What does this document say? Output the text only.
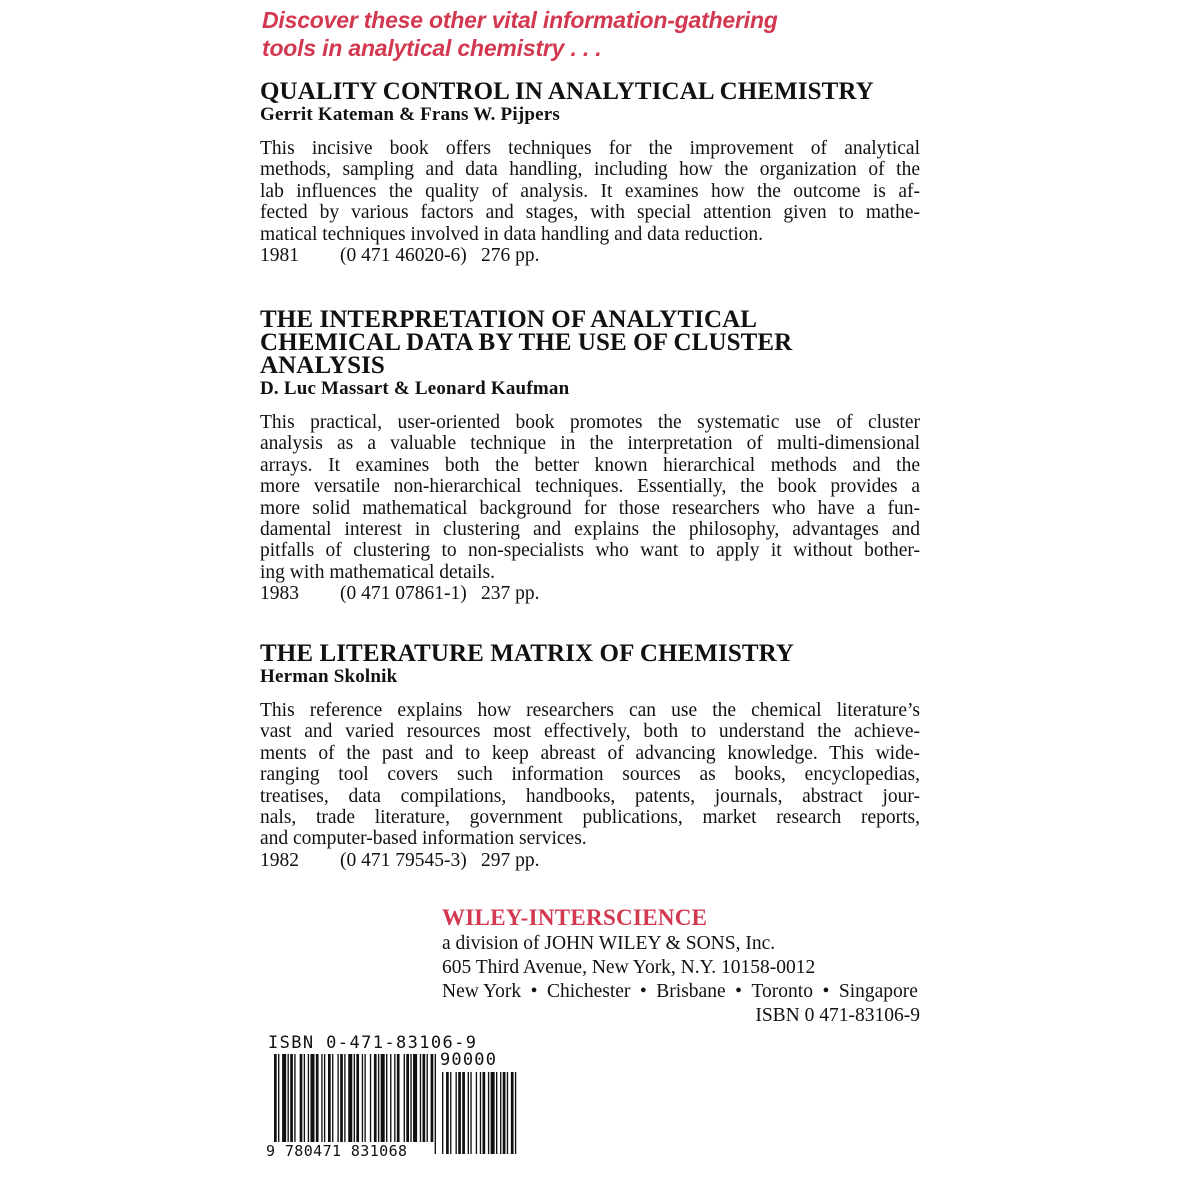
Discover these other vital information-gathering
tools in analytical chemistry . . .
QUALITY CONTROL IN ANALYTICAL CHEMISTRY
Gerrit Kateman & Frans W. Pijpers
This incisive book offers techniques for the improvement of analytical
methods, sampling and data handling, including how the organization of the
lab influences the quality of analysis. It examines how the outcome is af-
fected by various factors and stages, with special attention given to mathe-
matical techniques involved in data handling and data reduction.
1981 (0 471 46020-6) 276 pp.
THE INTERPRETATION OF ANALYTICAL
CHEMICAL DATA BY THE USE OF CLUSTER
ANALYSIS
D. Luc Massart & Leonard Kaufman
This practical, user-oriented book promotes the systematic use of cluster
analysis as a valuable technique in the interpretation of multi-dimensional
arrays. It examines both the better known hierarchical methods and the
more versatile non-hierarchical techniques. Essentially, the book provides a
more solid mathematical background for those researchers who have a fun-
damental interest in clustering and explains the philosophy, advantages and
pitfalls of clustering to non-specialists who want to apply it without bother-
ing with mathematical details.
1983 (0 471 07861-1) 237 pp.
THE LITERATURE MATRIX OF CHEMISTRY
Herman Skolnik
This reference explains how researchers can use the chemical literature’s
vast and varied resources most effectively, both to understand the achieve-
ments of the past and to keep abreast of advancing knowledge. This wide-
ranging tool covers such information sources as books, encyclopedias,
treatises, data compilations, handbooks, patents, journals, abstract jour-
nals, trade literature, government publications, market research reports,
and computer-based information services.
1982 (0 471 79545-3) 297 pp.
WILEY-INTERSCIENCE
a division of JOHN WILEY & SONS, Inc.
605 Third Avenue, New York, N.Y. 10158-0012
New York • Chichester • Brisbane • Toronto • Singapore
ISBN 0 471-83106-9
ISBN 0-471-83106-9
90000
9 780471 831068
